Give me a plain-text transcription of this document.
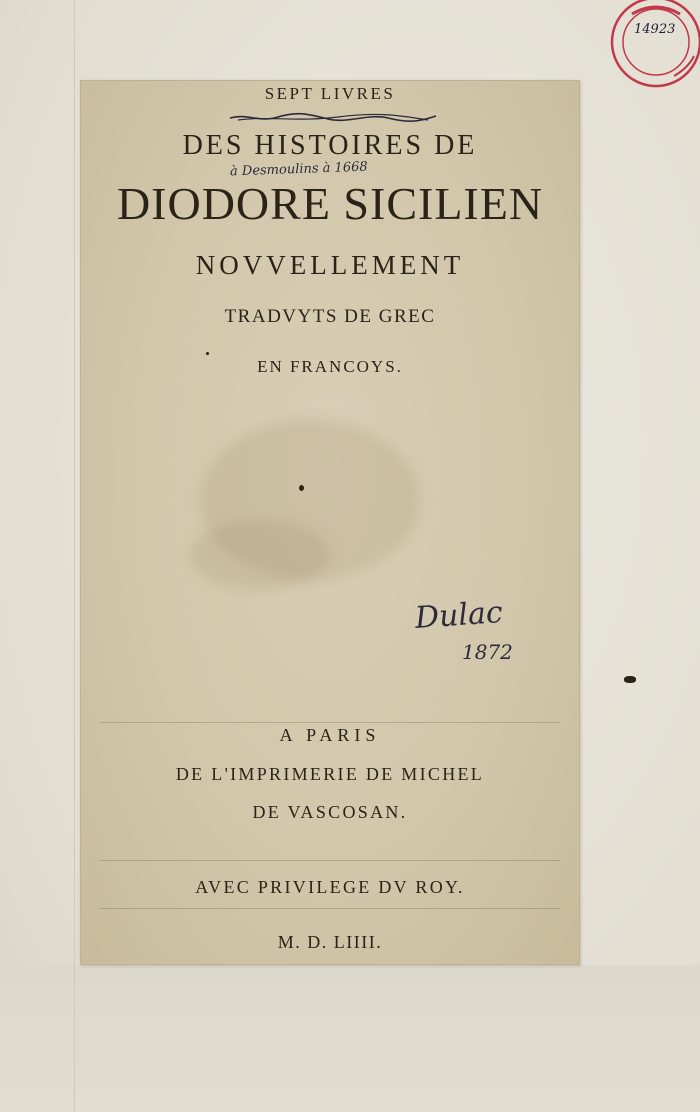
14923
SEPT LIVRES
DES HISTOIRES DE
à Desmoulins à 1668
DIODORE SICILIEN
NOVVELLEMENT
TRADVYTS DE GREC
EN FRANCOYS.
Dulac
1872
A PARIS
DE L'IMPRIMERIE DE MICHEL
DE VASCOSAN.
AVEC PRIVILEGE DV ROY.
M. D. LIIII.
